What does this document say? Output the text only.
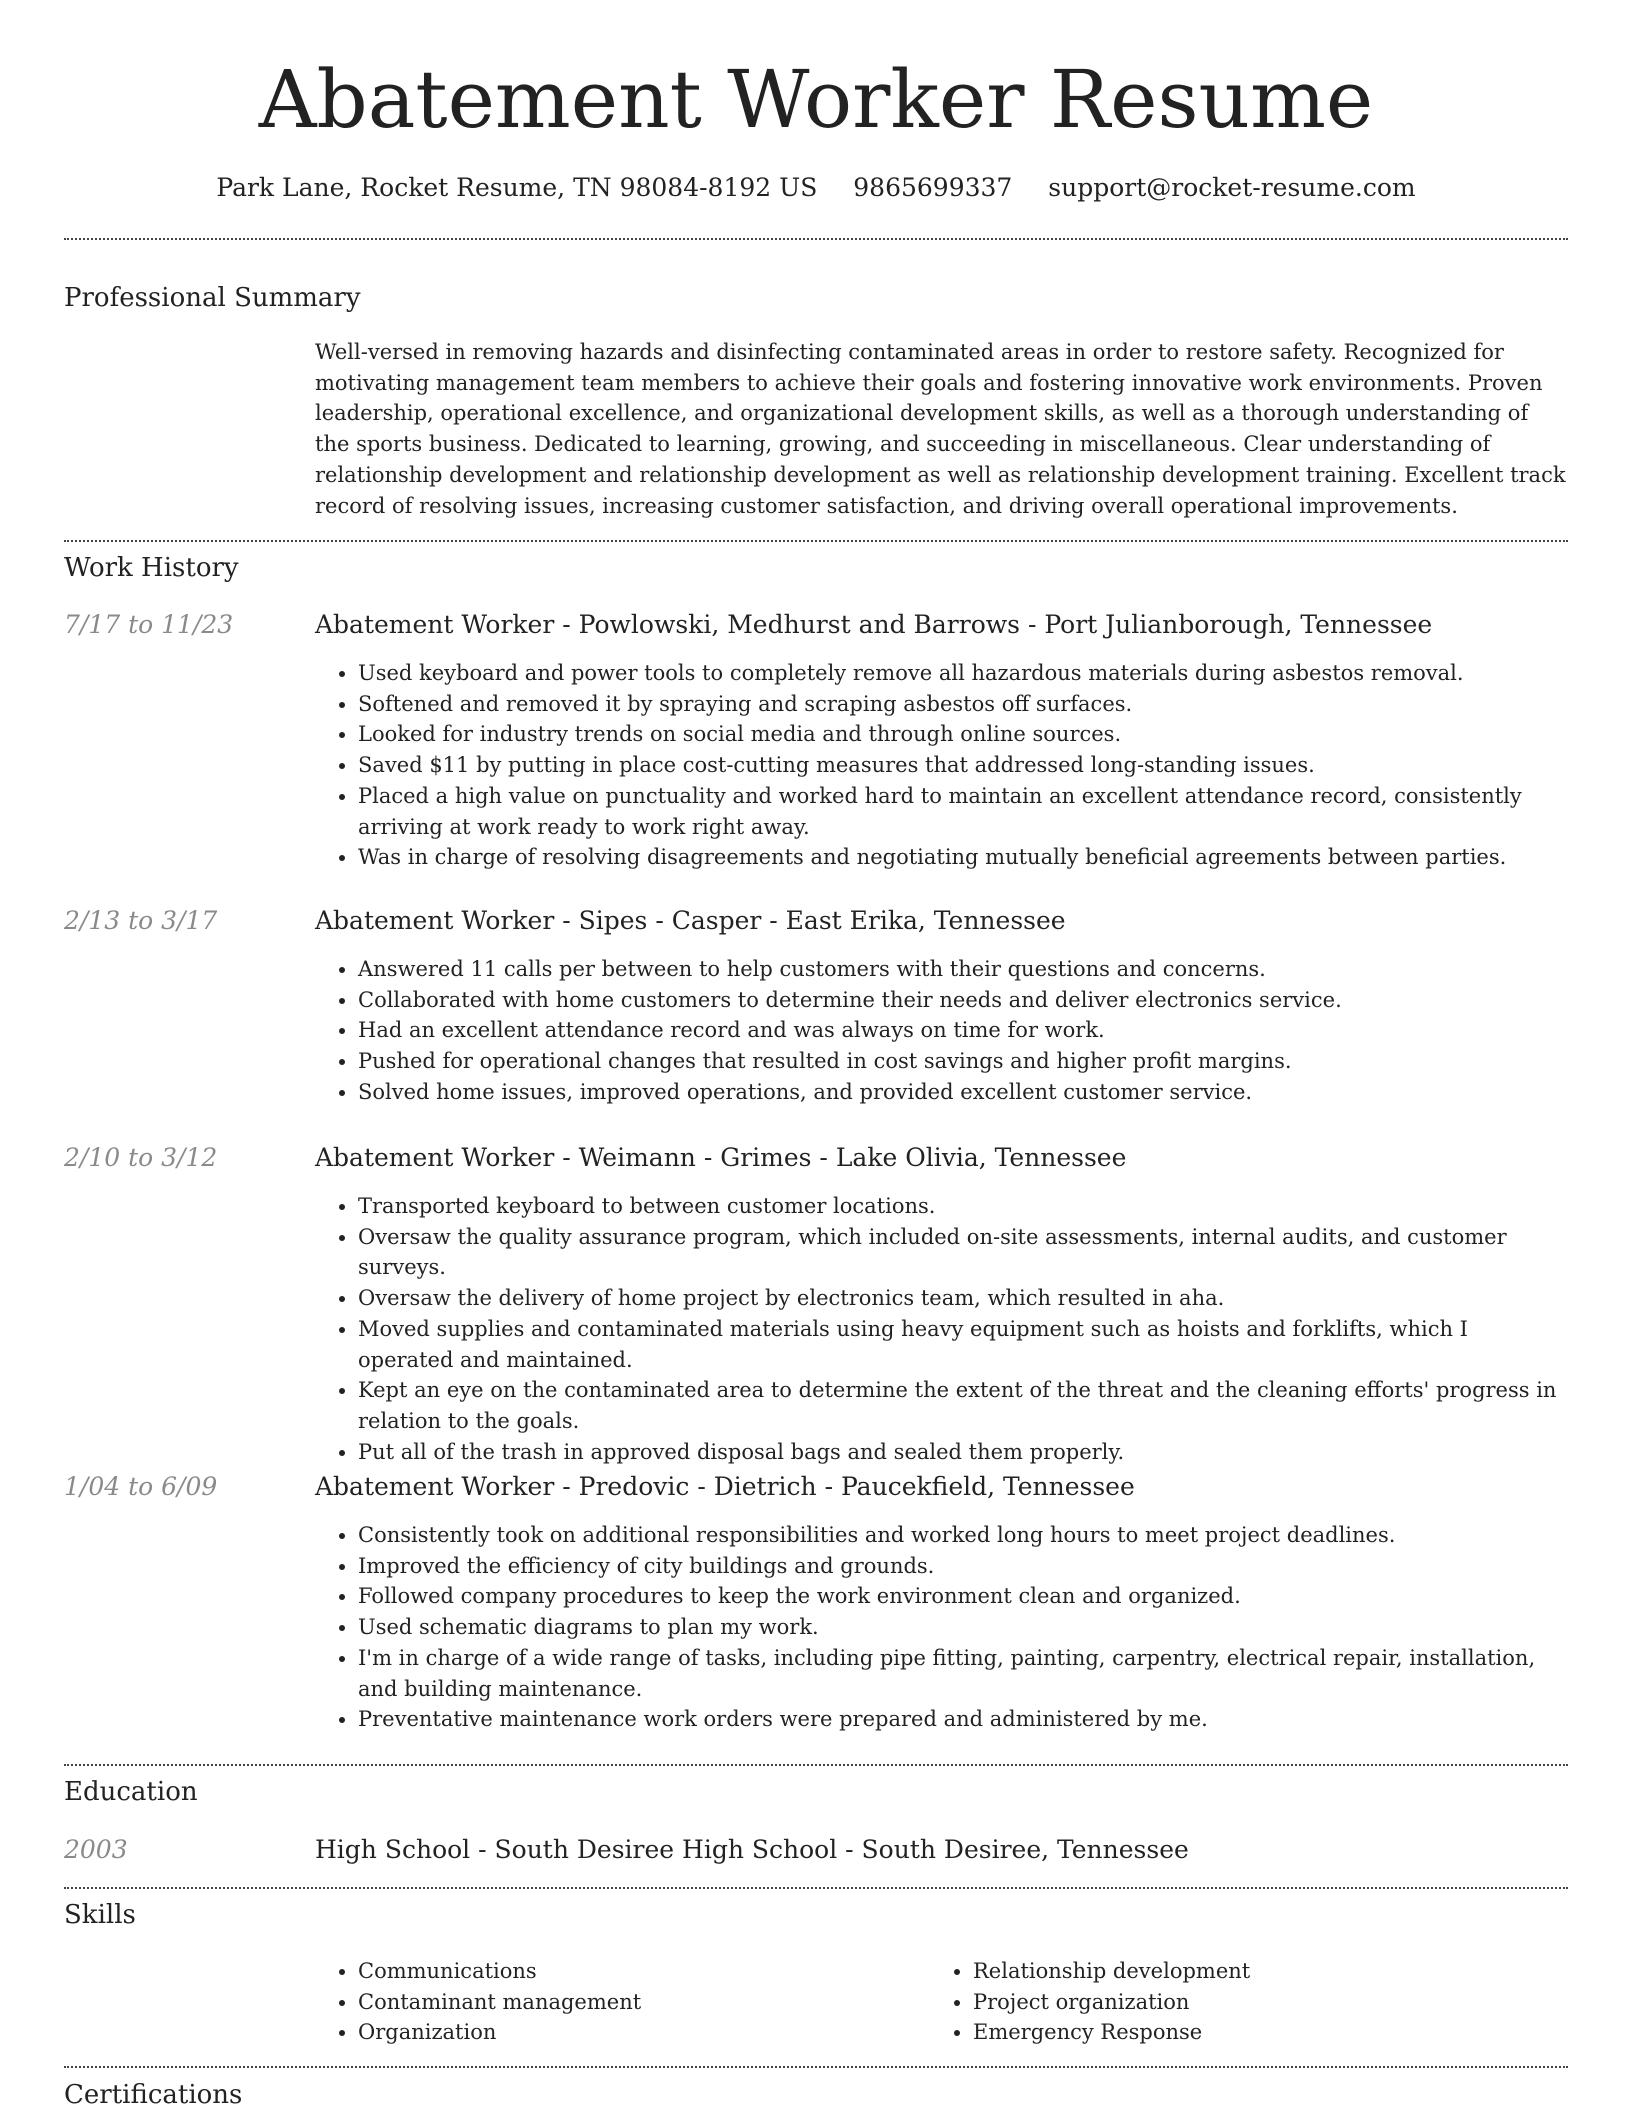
Abatement Worker Resume
Park Lane, Rocket Resume, TN 98084-8192 US 9865699337 support@rocket-resume.com
Professional Summary
Well-versed in removing hazards and disinfecting contaminated areas in order to restore safety. Recognized for motivating management team members to achieve their goals and fostering innovative work environments. Proven leadership, operational excellence, and organizational development skills, as well as a thorough understanding of the sports business. Dedicated to learning, growing, and succeeding in miscellaneous. Clear understanding of relationship development and relationship development as well as relationship development training. Excellent track record of resolving issues, increasing customer satisfaction, and driving overall operational improvements.
Work History
7/17 to 11/23	Abatement Worker - Powlowski, Medhurst and Barrows - Port Julianborough, Tennessee
• Used keyboard and power tools to completely remove all hazardous materials during asbestos removal.
• Softened and removed it by spraying and scraping asbestos off surfaces.
• Looked for industry trends on social media and through online sources.
• Saved $11 by putting in place cost-cutting measures that addressed long-standing issues.
• Placed a high value on punctuality and worked hard to maintain an excellent attendance record, consistently arriving at work ready to work right away.
• Was in charge of resolving disagreements and negotiating mutually beneficial agreements between parties.
2/13 to 3/17	Abatement Worker - Sipes - Casper - East Erika, Tennessee
• Answered 11 calls per between to help customers with their questions and concerns.
• Collaborated with home customers to determine their needs and deliver electronics service.
• Had an excellent attendance record and was always on time for work.
• Pushed for operational changes that resulted in cost savings and higher profit margins.
• Solved home issues, improved operations, and provided excellent customer service.
2/10 to 3/12	Abatement Worker - Weimann - Grimes - Lake Olivia, Tennessee
• Transported keyboard to between customer locations.
• Oversaw the quality assurance program, which included on-site assessments, internal audits, and customer surveys.
• Oversaw the delivery of home project by electronics team, which resulted in aha.
• Moved supplies and contaminated materials using heavy equipment such as hoists and forklifts, which I operated and maintained.
• Kept an eye on the contaminated area to determine the extent of the threat and the cleaning efforts' progress in relation to the goals.
• Put all of the trash in approved disposal bags and sealed them properly.
1/04 to 6/09	Abatement Worker - Predovic - Dietrich - Paucekfield, Tennessee
• Consistently took on additional responsibilities and worked long hours to meet project deadlines.
• Improved the efficiency of city buildings and grounds.
• Followed company procedures to keep the work environment clean and organized.
• Used schematic diagrams to plan my work.
• I'm in charge of a wide range of tasks, including pipe fitting, painting, carpentry, electrical repair, installation, and building maintenance.
• Preventative maintenance work orders were prepared and administered by me.
Education
2003	High School - South Desiree High School - South Desiree, Tennessee
Skills
• Communications
• Contaminant management
• Organization
• Relationship development
• Project organization
• Emergency Response
Certifications
